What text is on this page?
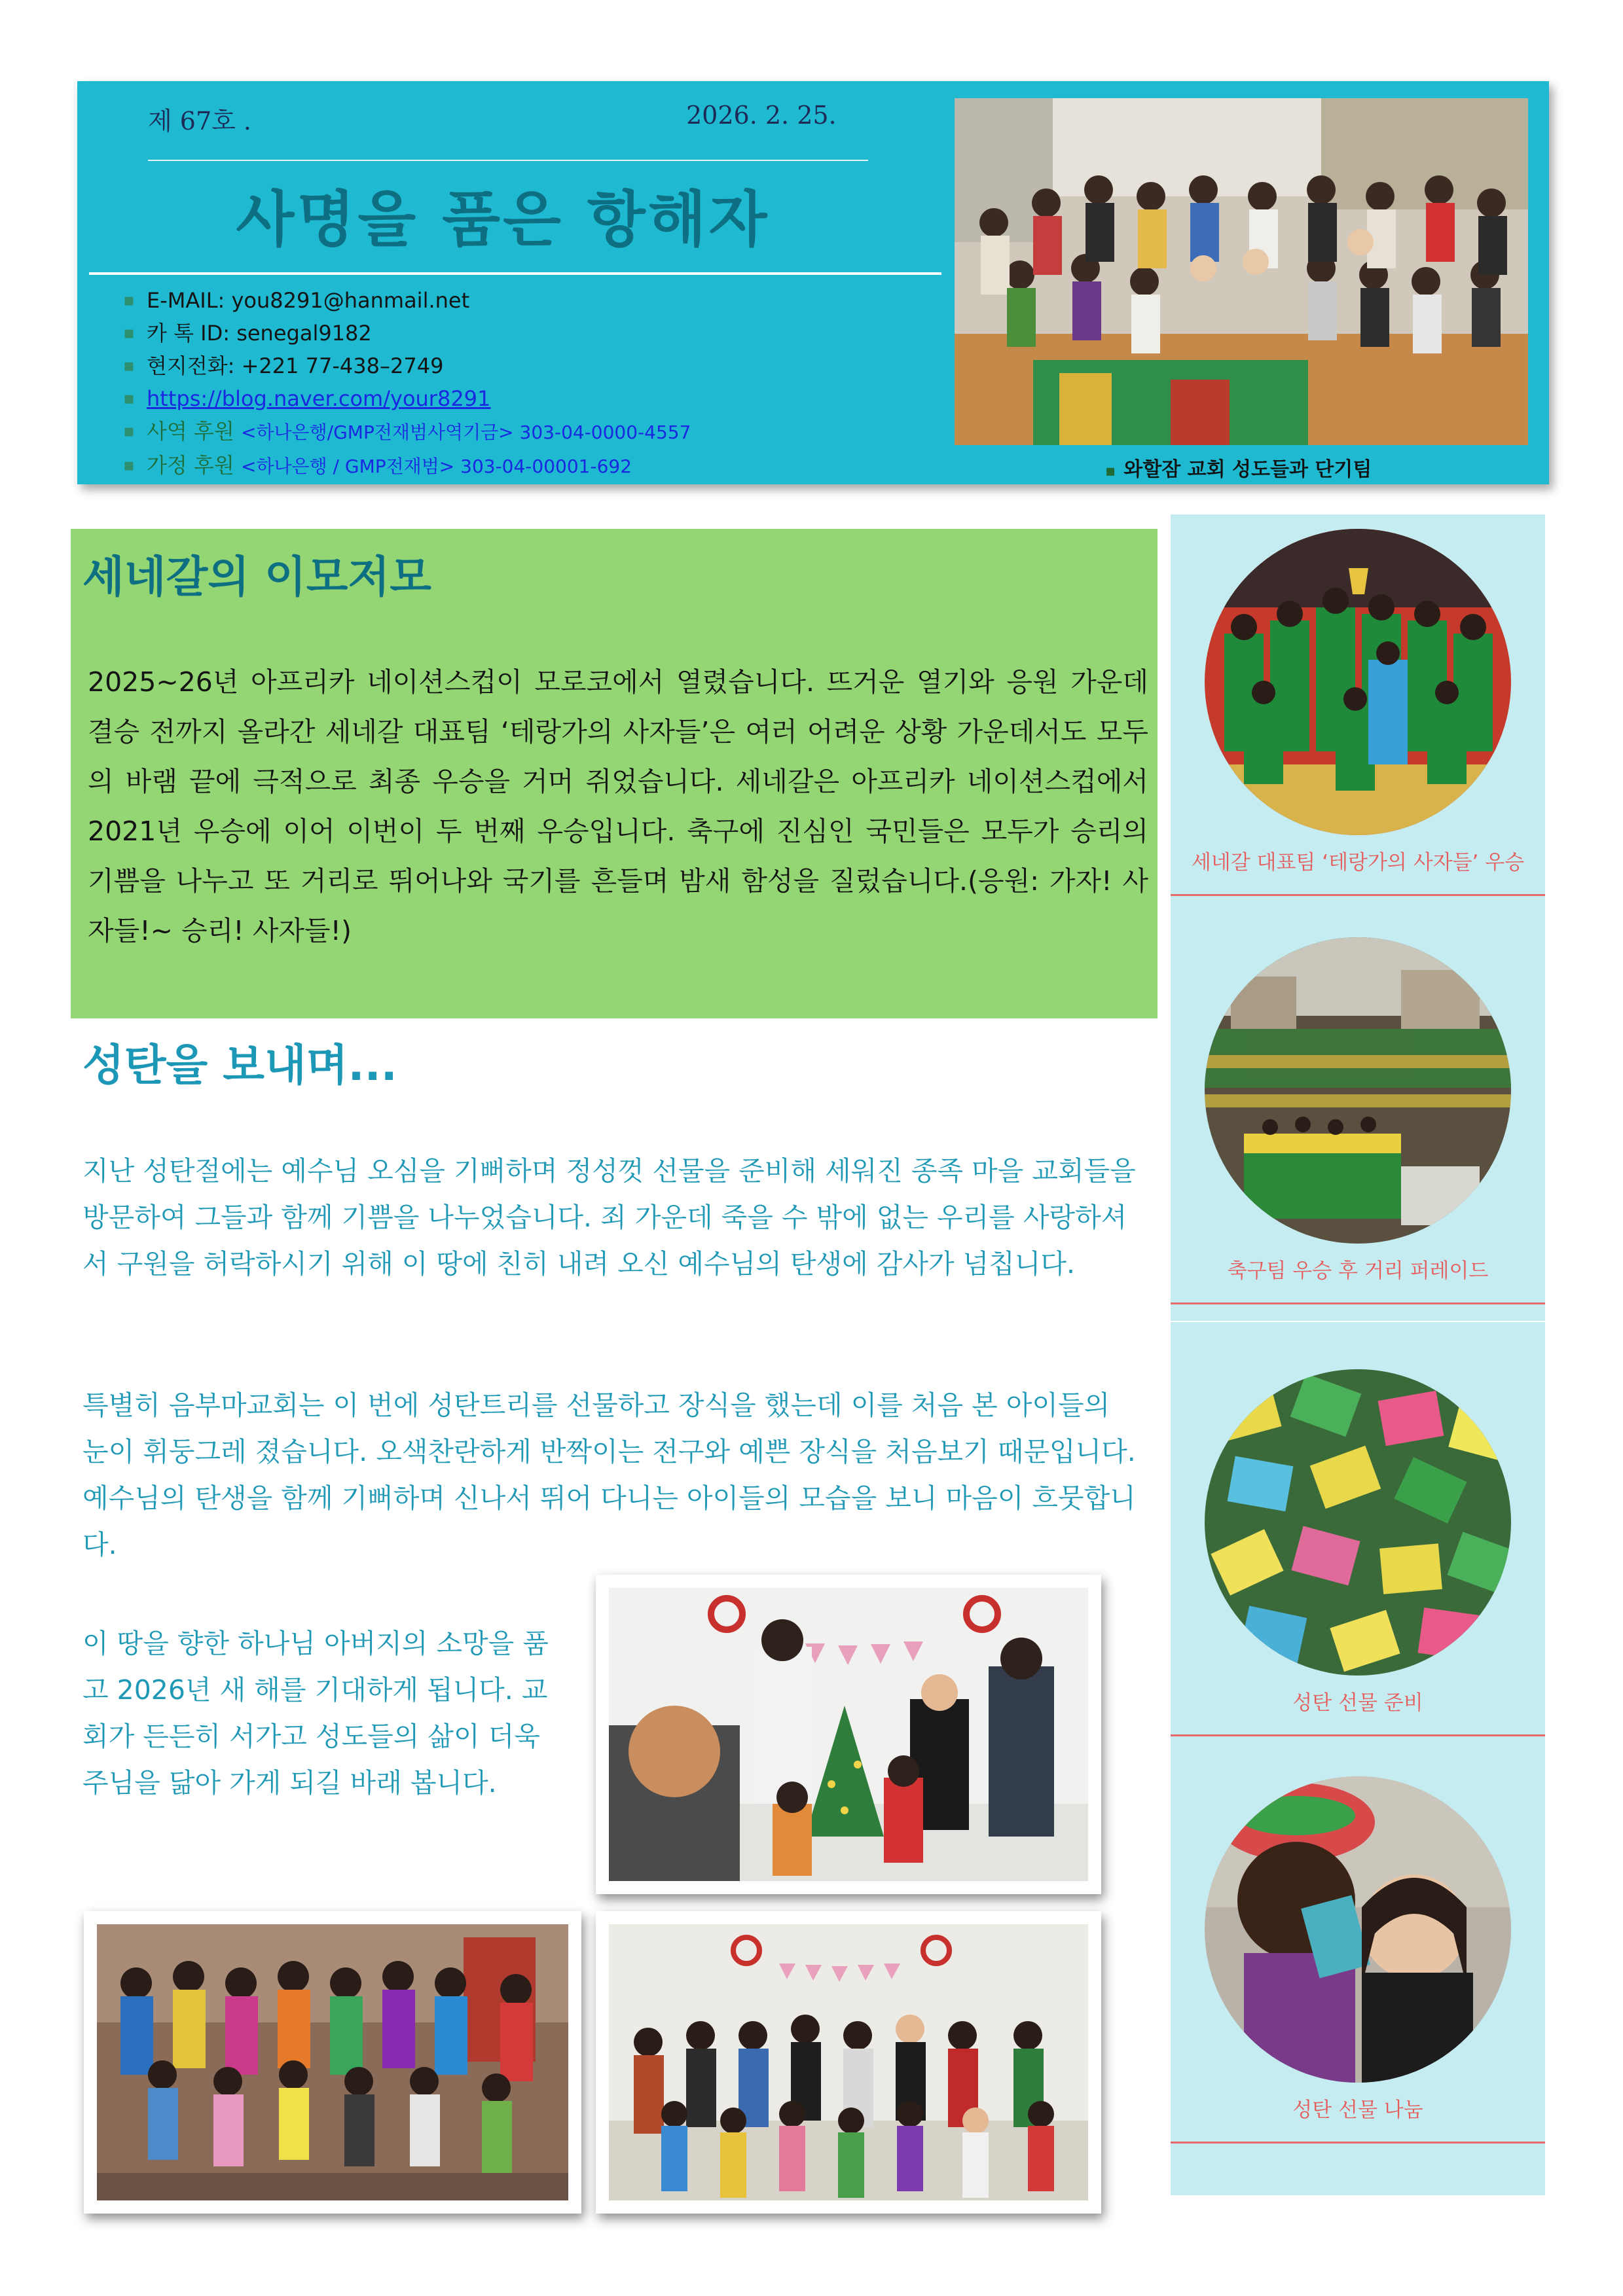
제 67호 .	2026. 2. 25.
사명을 품은 항해자
▪ E-MAIL: you8291@hanmail.net
▪ 카 톡 ID: senegal9182
▪ 현지전화: +221 77-438–2749
▪ https://blog.naver.com/your8291
▪ 사역 후원 <하나은행/GMP전재범사역기금> 303-04-0000-4557
▪ 가정 후원 <하나은행 / GMP전재범> 303-04-00001-692	▪ 와할잠 교회 성도들과 단기팀
세네갈의 이모저모

2025~26년 아프리카 네이션스컵이 모로코에서 열렸습니다. 뜨거운 열기와 응원 가운데 결승 전까지 올라간 세네갈 대표팀 ‘테랑가의 사자들’은 여러 어려운 상황 가운데서도 모두의 바램 끝에 극적으로 최종 우승을 거머 쥐었습니다. 세네갈은 아프리카 네이션스컵에서 2021년 우승에 이어 이번이 두 번째 우승입니다. 축구에 진심인 국민들은 모두가 승리의 기쁨을 나누고 또 거리로 뛰어나와 국기를 흔들며 밤새 함성을 질렀습니다.(응원: 가자! 사자들!~ 승리! 사자들!)

성탄을 보내며...

지난 성탄절에는 예수님 오심을 기뻐하며 정성껏 선물을 준비해 세워진 종족 마을 교회들을 방문하여 그들과 함께 기쁨을 나누었습니다. 죄 가운데 죽을 수 밖에 없는 우리를 사랑하셔서 구원을 허락하시기 위해 이 땅에 친히 내려 오신 예수님의 탄생에 감사가 넘칩니다.

특별히 음부마교회는 이 번에 성탄트리를 선물하고 장식을 했는데 이를 처음 본 아이들의 눈이 휘둥그레 졌습니다. 오색찬란하게 반짝이는 전구와 예쁜 장식을 처음보기 때문입니다. 예수님의 탄생을 함께 기뻐하며 신나서 뛰어 다니는 아이들의 모습을 보니 마음이 흐뭇합니다.

이 땅을 향한 하나님 아버지의 소망을 품고 2026년 새 해를 기대하게 됩니다. 교회가 든든히 서가고 성도들의 삶이 더욱 주님을 닮아 가게 되길 바래 봅니다.

세네갈 대표팀 ‘테랑가의 사자들’ 우승
축구팀 우승 후 거리 퍼레이드
성탄 선물 준비
성탄 선물 나눔
